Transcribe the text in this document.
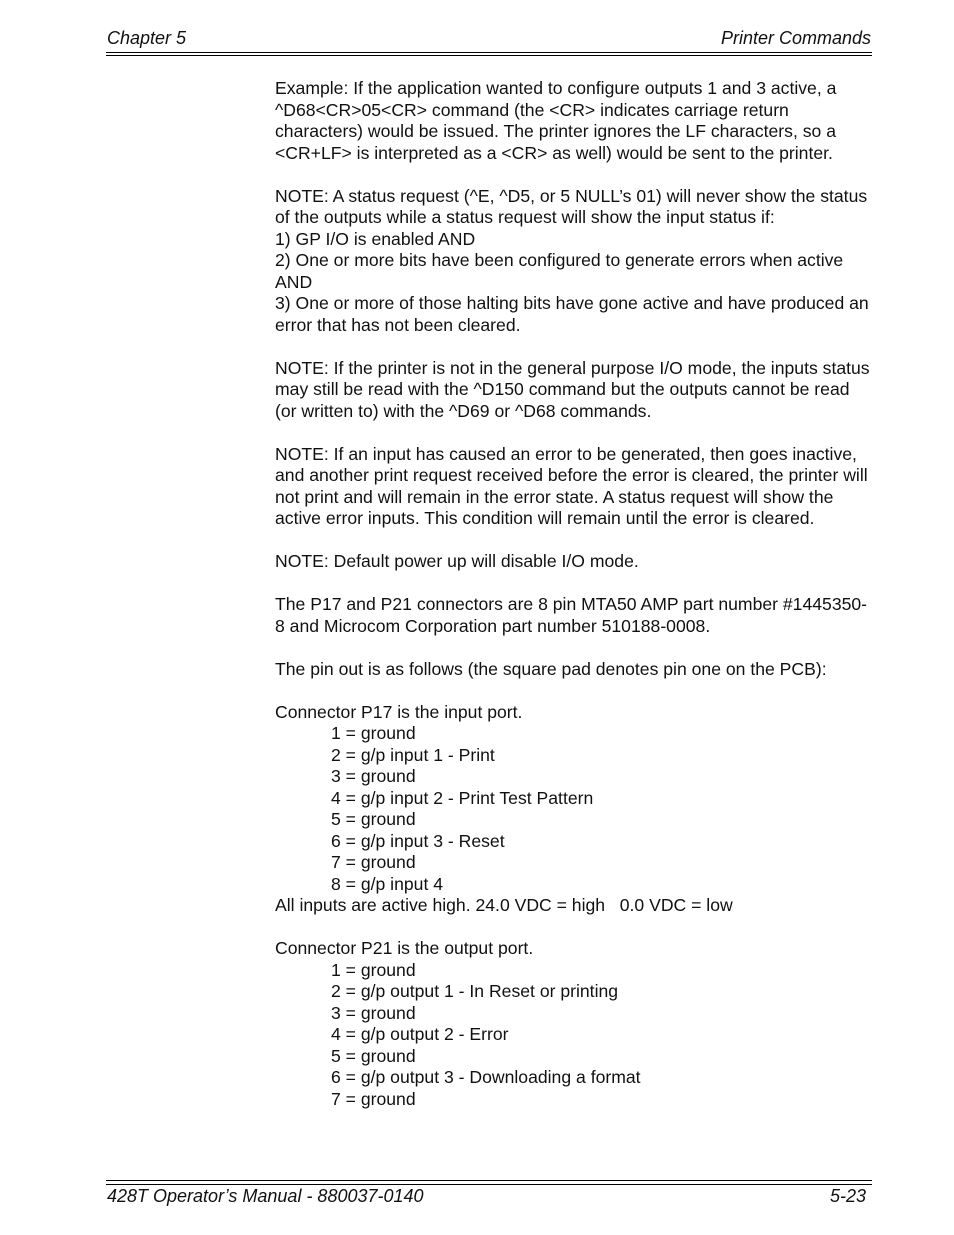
Chapter 5	Printer Commands

Example: If the application wanted to configure outputs 1 and 3 active, a ^D68<CR>05<CR> command (the <CR> indicates carriage return characters) would be issued. The printer ignores the LF characters, so a <CR+LF> is interpreted as a <CR> as well) would be sent to the printer.

NOTE: A status request (^E, ^D5, or 5 NULL’s 01) will never show the status of the outputs while a status request will show the input status if:
1) GP I/O is enabled AND
2) One or more bits have been configured to generate errors when active AND
3) One or more of those halting bits have gone active and have produced an error that has not been cleared.

NOTE: If the printer is not in the general purpose I/O mode, the inputs status may still be read with the ^D150 command but the outputs cannot be read (or written to) with the ^D69 or ^D68 commands.

NOTE: If an input has caused an error to be generated, then goes inactive, and another print request received before the error is cleared, the printer will not print and will remain in the error state. A status request will show the active error inputs. This condition will remain until the error is cleared.

NOTE: Default power up will disable I/O mode.

The P17 and P21 connectors are 8 pin MTA50 AMP part number #1445350-8 and Microcom Corporation part number 510188-0008.

The pin out is as follows (the square pad denotes pin one on the PCB):

Connector P17 is the input port.
1 = ground
2 = g/p input 1 - Print
3 = ground
4 = g/p input 2 - Print Test Pattern
5 = ground
6 = g/p input 3 - Reset
7 = ground
8 = g/p input 4
All inputs are active high. 24.0 VDC = high   0.0 VDC = low
Connector P21 is the output port.
1 = ground
2 = g/p output 1 - In Reset or printing
3 = ground
4 = g/p output 2 - Error
5 = ground
6 = g/p output 3 - Downloading a format
7 = ground
428T Operator’s Manual - 880037-0140	5-23
